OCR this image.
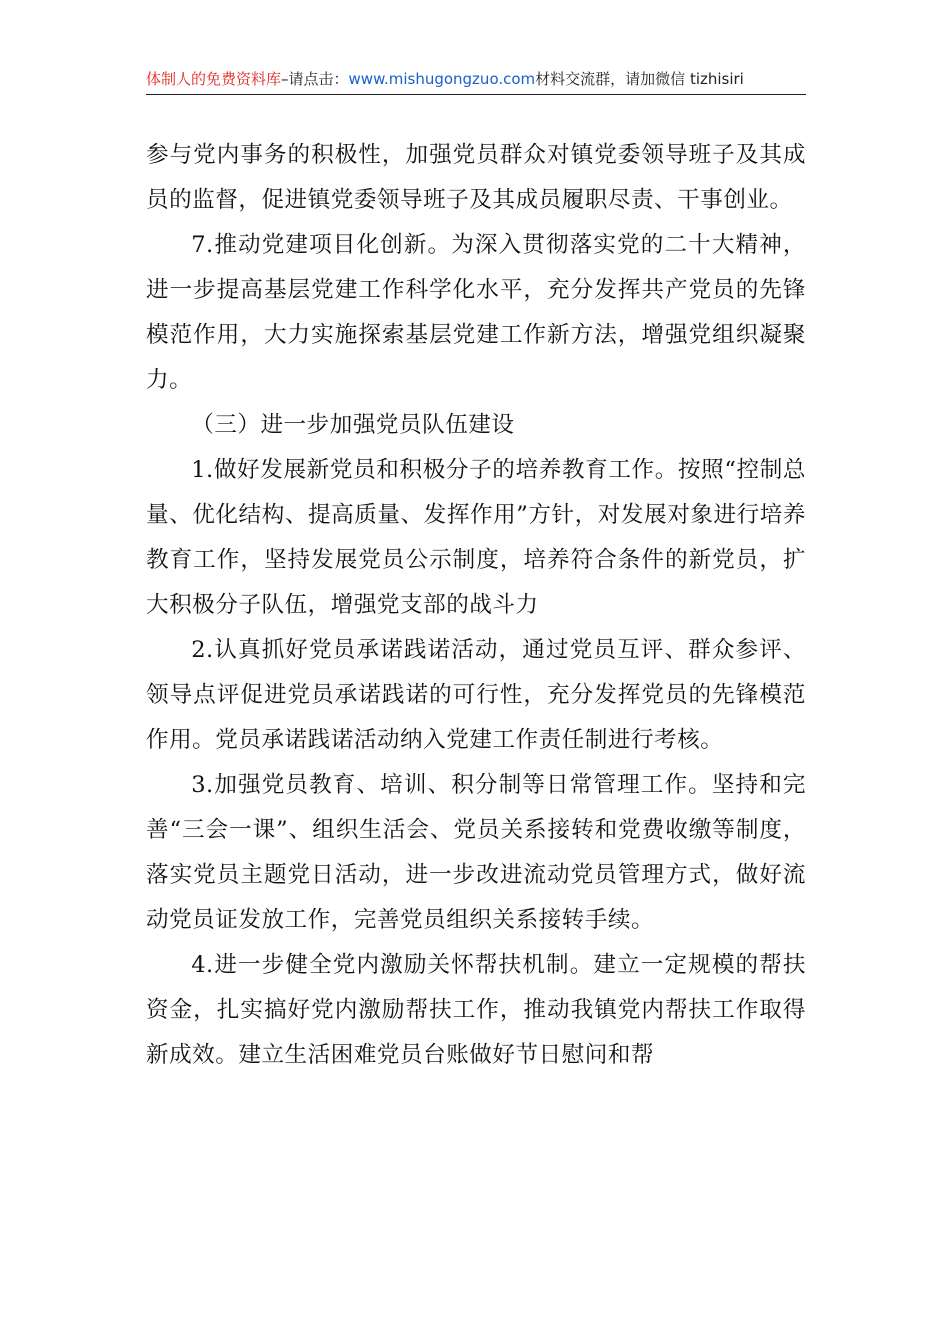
体制人的免费资料库–请点击：www.mishugongzuo.com材料交流群，请加微信 tizhisiri

参与党内事务的积极性，加强党员群众对镇党委领导班子及其成员的监督，促进镇党委领导班子及其成员履职尽责、干事创业。

7.推动党建项目化创新。为深入贯彻落实党的二十大精神，进一步提高基层党建工作科学化水平，充分发挥共产党员的先锋模范作用，大力实施探索基层党建工作新方法，增强党组织凝聚力。

（三）进一步加强党员队伍建设

1.做好发展新党员和积极分子的培养教育工作。按照“控制总量、优化结构、提高质量、发挥作用”方针，对发展对象进行培养教育工作，坚持发展党员公示制度，培养符合条件的新党员，扩大积极分子队伍，增强党支部的战斗力

2.认真抓好党员承诺践诺活动，通过党员互评、群众参评、领导点评促进党员承诺践诺的可行性，充分发挥党员的先锋模范作用。党员承诺践诺活动纳入党建工作责任制进行考核。

3.加强党员教育、培训、积分制等日常管理工作。坚持和完善“三会一课”、组织生活会、党员关系接转和党费收缴等制度，落实党员主题党日活动，进一步改进流动党员管理方式，做好流动党员证发放工作，完善党员组织关系接转手续。

4.进一步健全党内激励关怀帮扶机制。建立一定规模的帮扶资金，扎实搞好党内激励帮扶工作，推动我镇党内帮扶工作取得新成效。建立生活困难党员台账做好节日慰问和帮
